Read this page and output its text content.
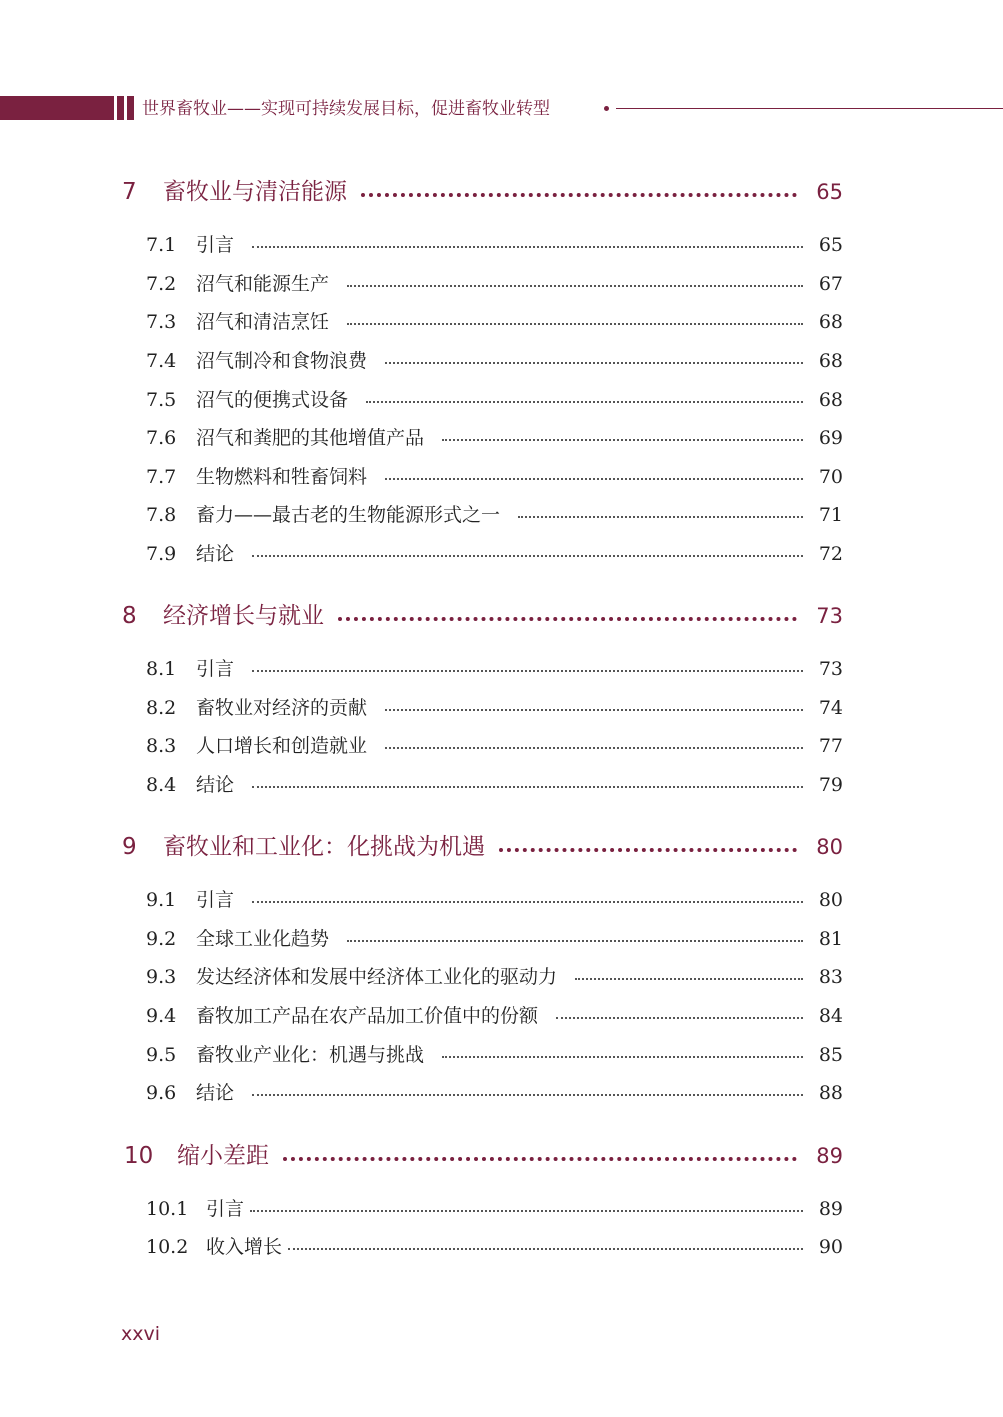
世界畜牧业——实现可持续发展目标，促进畜牧业转型
7 畜牧业与清洁能源	65
7.1 引言	65
7.2 沼气和能源生产	67
7.3 沼气和清洁烹饪	68
7.4 沼气制冷和食物浪费	68
7.5 沼气的便携式设备	68
7.6 沼气和粪肥的其他增值产品	69
7.7 生物燃料和牲畜饲料	70
7.8 畜力——最古老的生物能源形式之一	71
7.9 结论	72
8 经济增长与就业	73
8.1 引言	73
8.2 畜牧业对经济的贡献	74
8.3 人口增长和创造就业	77
8.4 结论	79
9 畜牧业和工业化：化挑战为机遇	80
9.1 引言	80
9.2 全球工业化趋势	81
9.3 发达经济体和发展中经济体工业化的驱动力	83
9.4 畜牧加工产品在农产品加工价值中的份额	84
9.5 畜牧业产业化：机遇与挑战	85
9.6 结论	88
10 缩小差距	89
10.1 引言	89
10.2 收入增长	90
xxvi
